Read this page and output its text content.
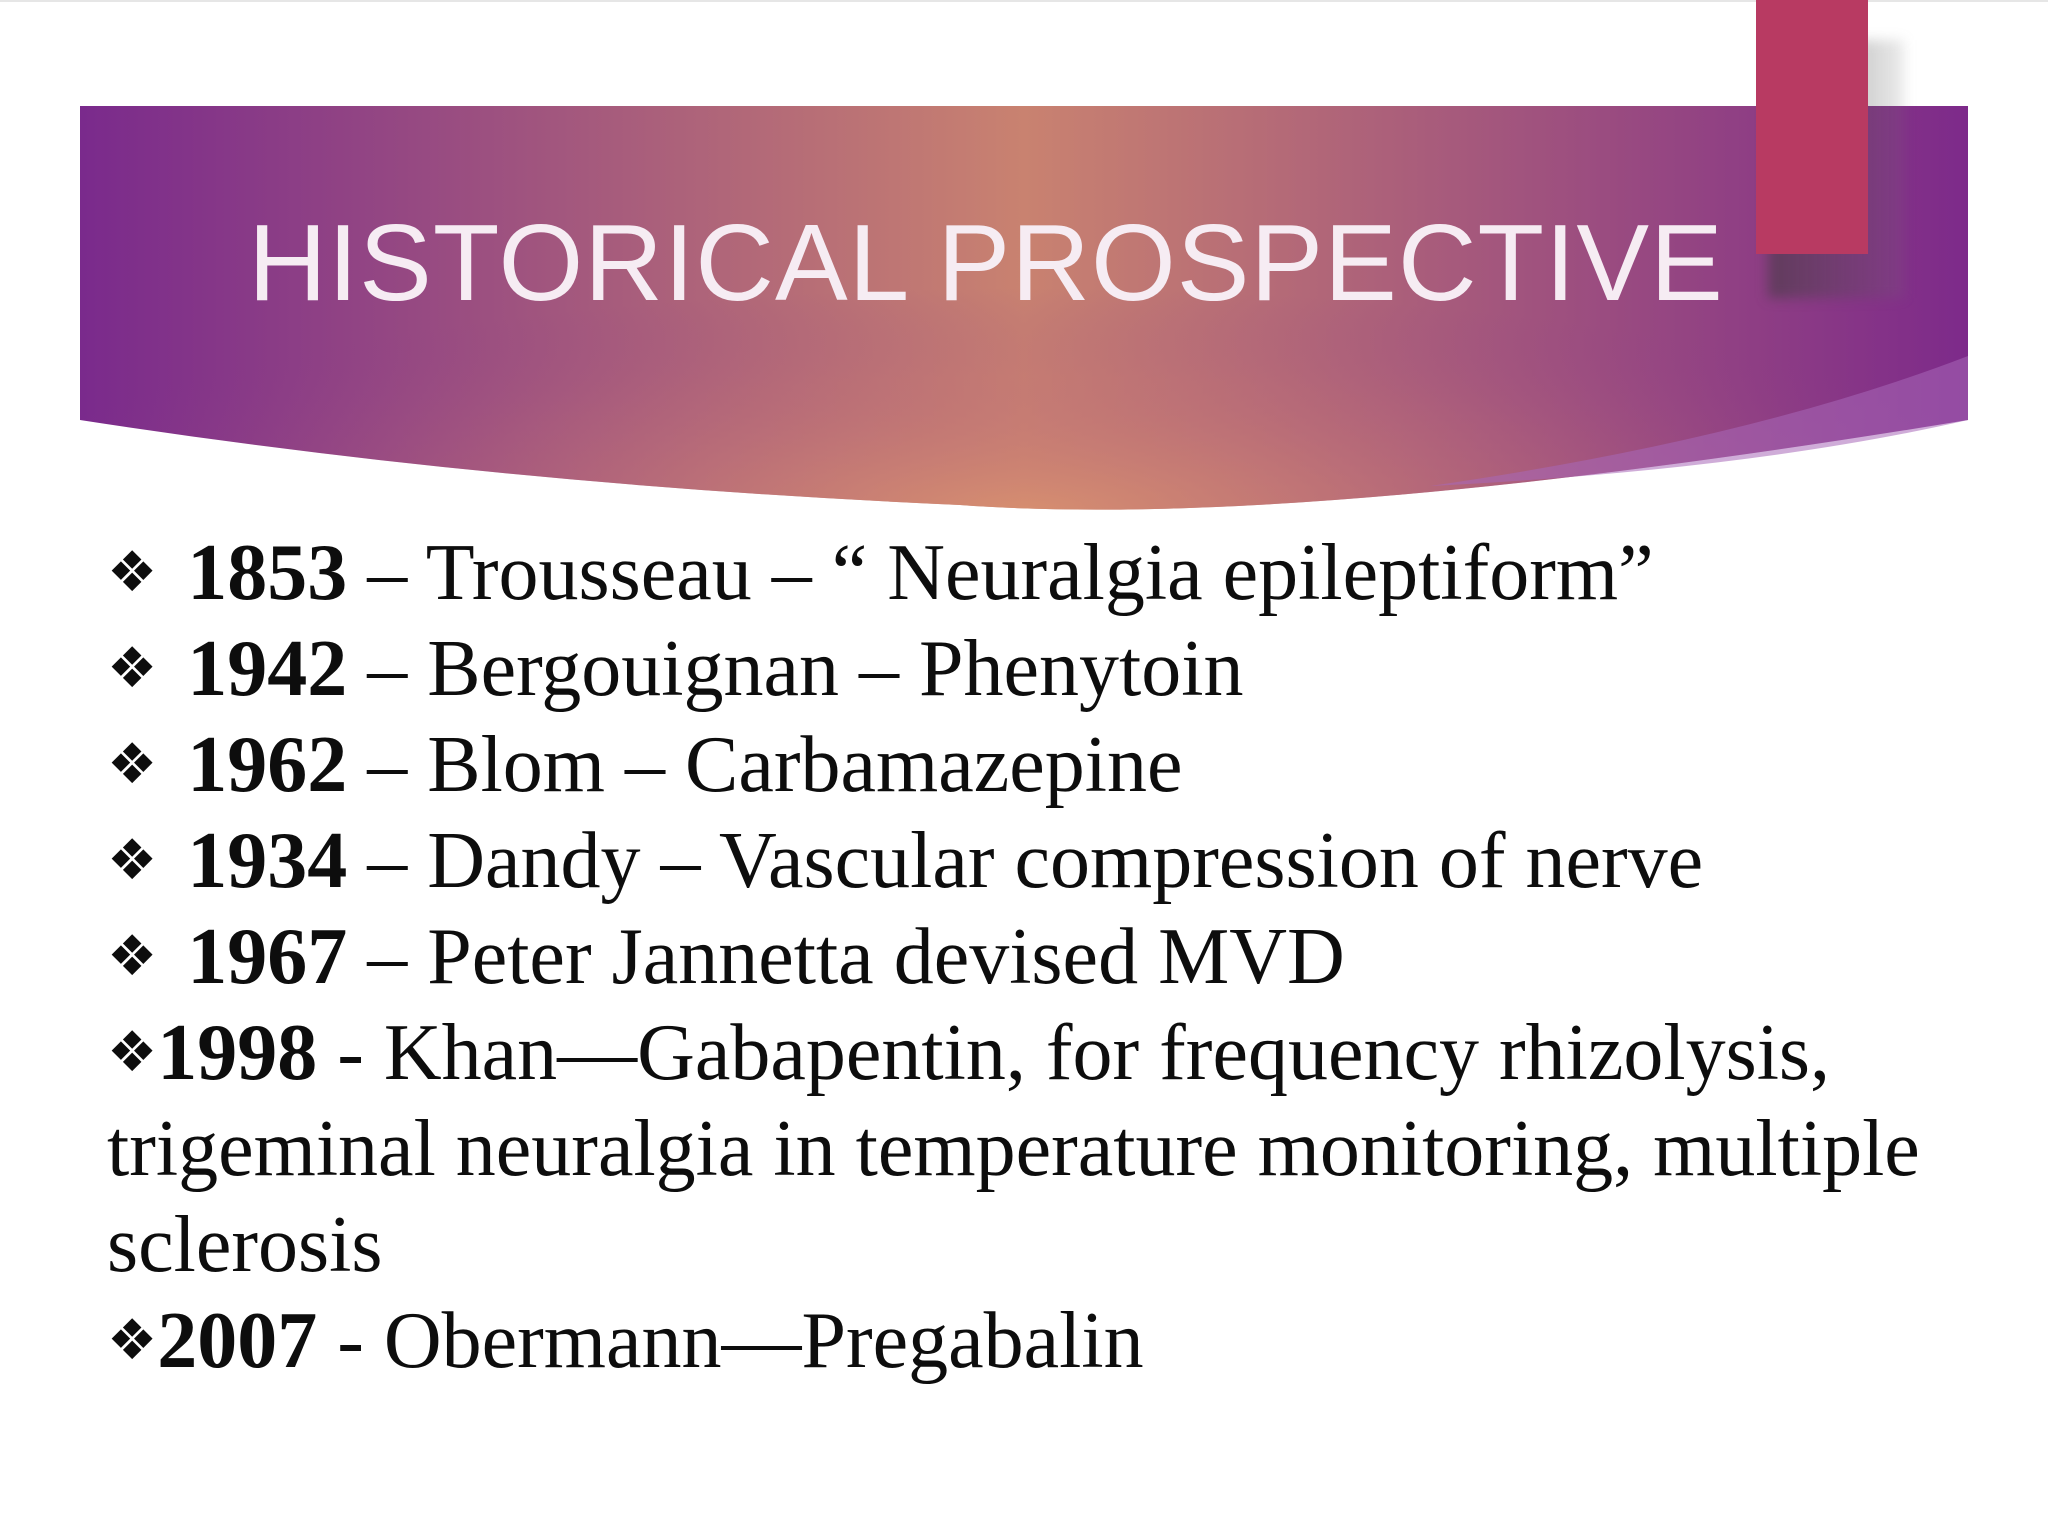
HISTORICAL PROSPECTIVE
❖ 1853 – Trousseau – “ Neuralgia epileptiform”
❖ 1942 – Bergouignan – Phenytoin
❖ 1962 – Blom – Carbamazepine
❖ 1934 – Dandy – Vascular compression of nerve
❖ 1967 – Peter Jannetta devised MVD
❖1998 - Khan—Gabapentin, for frequency rhizolysis, trigeminal neuralgia in temperature monitoring, multiple sclerosis
❖2007 - Obermann—Pregabalin
